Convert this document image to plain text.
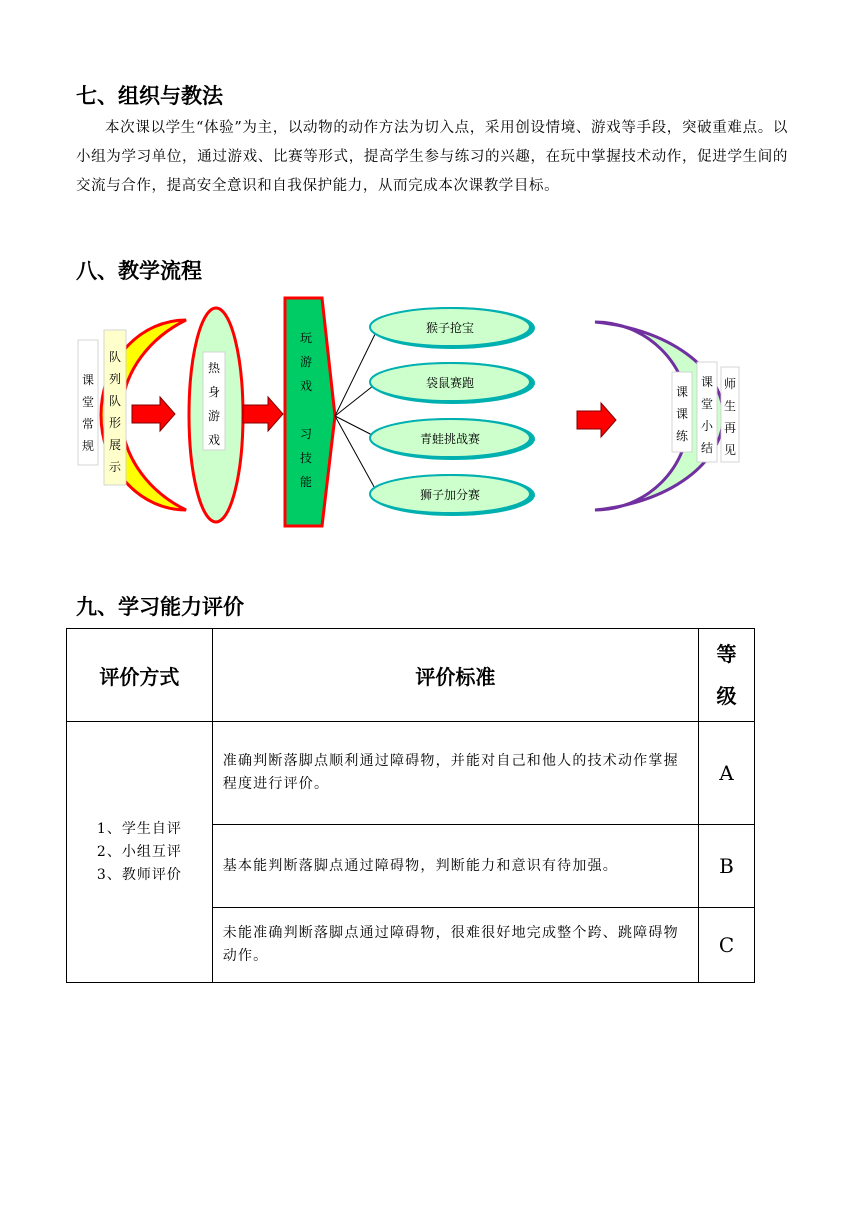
七、组织与教法
本次课以学生“体验”为主，以动物的动作方法为切入点，采用创设情境、游戏等手段，突破重难点。以小组为学习单位，通过游戏、比赛等形式，提高学生参与练习的兴趣，在玩中掌握技术动作，促进学生间的交流与合作，提高安全意识和自我保护能力，从而完成本次课教学目标。
八、教学流程
课
堂
常
规
队
列
队
形
展
示
热
身
游
戏
玩
游
戏
习
技
能
猴子抢宝
袋鼠赛跑
青蛙挑战赛
狮子加分赛
课
课
练
课
堂
小
结
师
生
再
见
九、学习能力评价
评价方式	评价标准	等
级

1、学生自评
2、小组互评
3、教师评价	准确判断落脚点顺利通过障碍物，并能对自己和他人的技术动作掌握程度进行评价。	A
	基本能判断落脚点通过障碍物，判断能力和意识有待加强。	B
	未能准确判断落脚点通过障碍物，很难很好地完成整个跨、跳障碍物动作。	C
